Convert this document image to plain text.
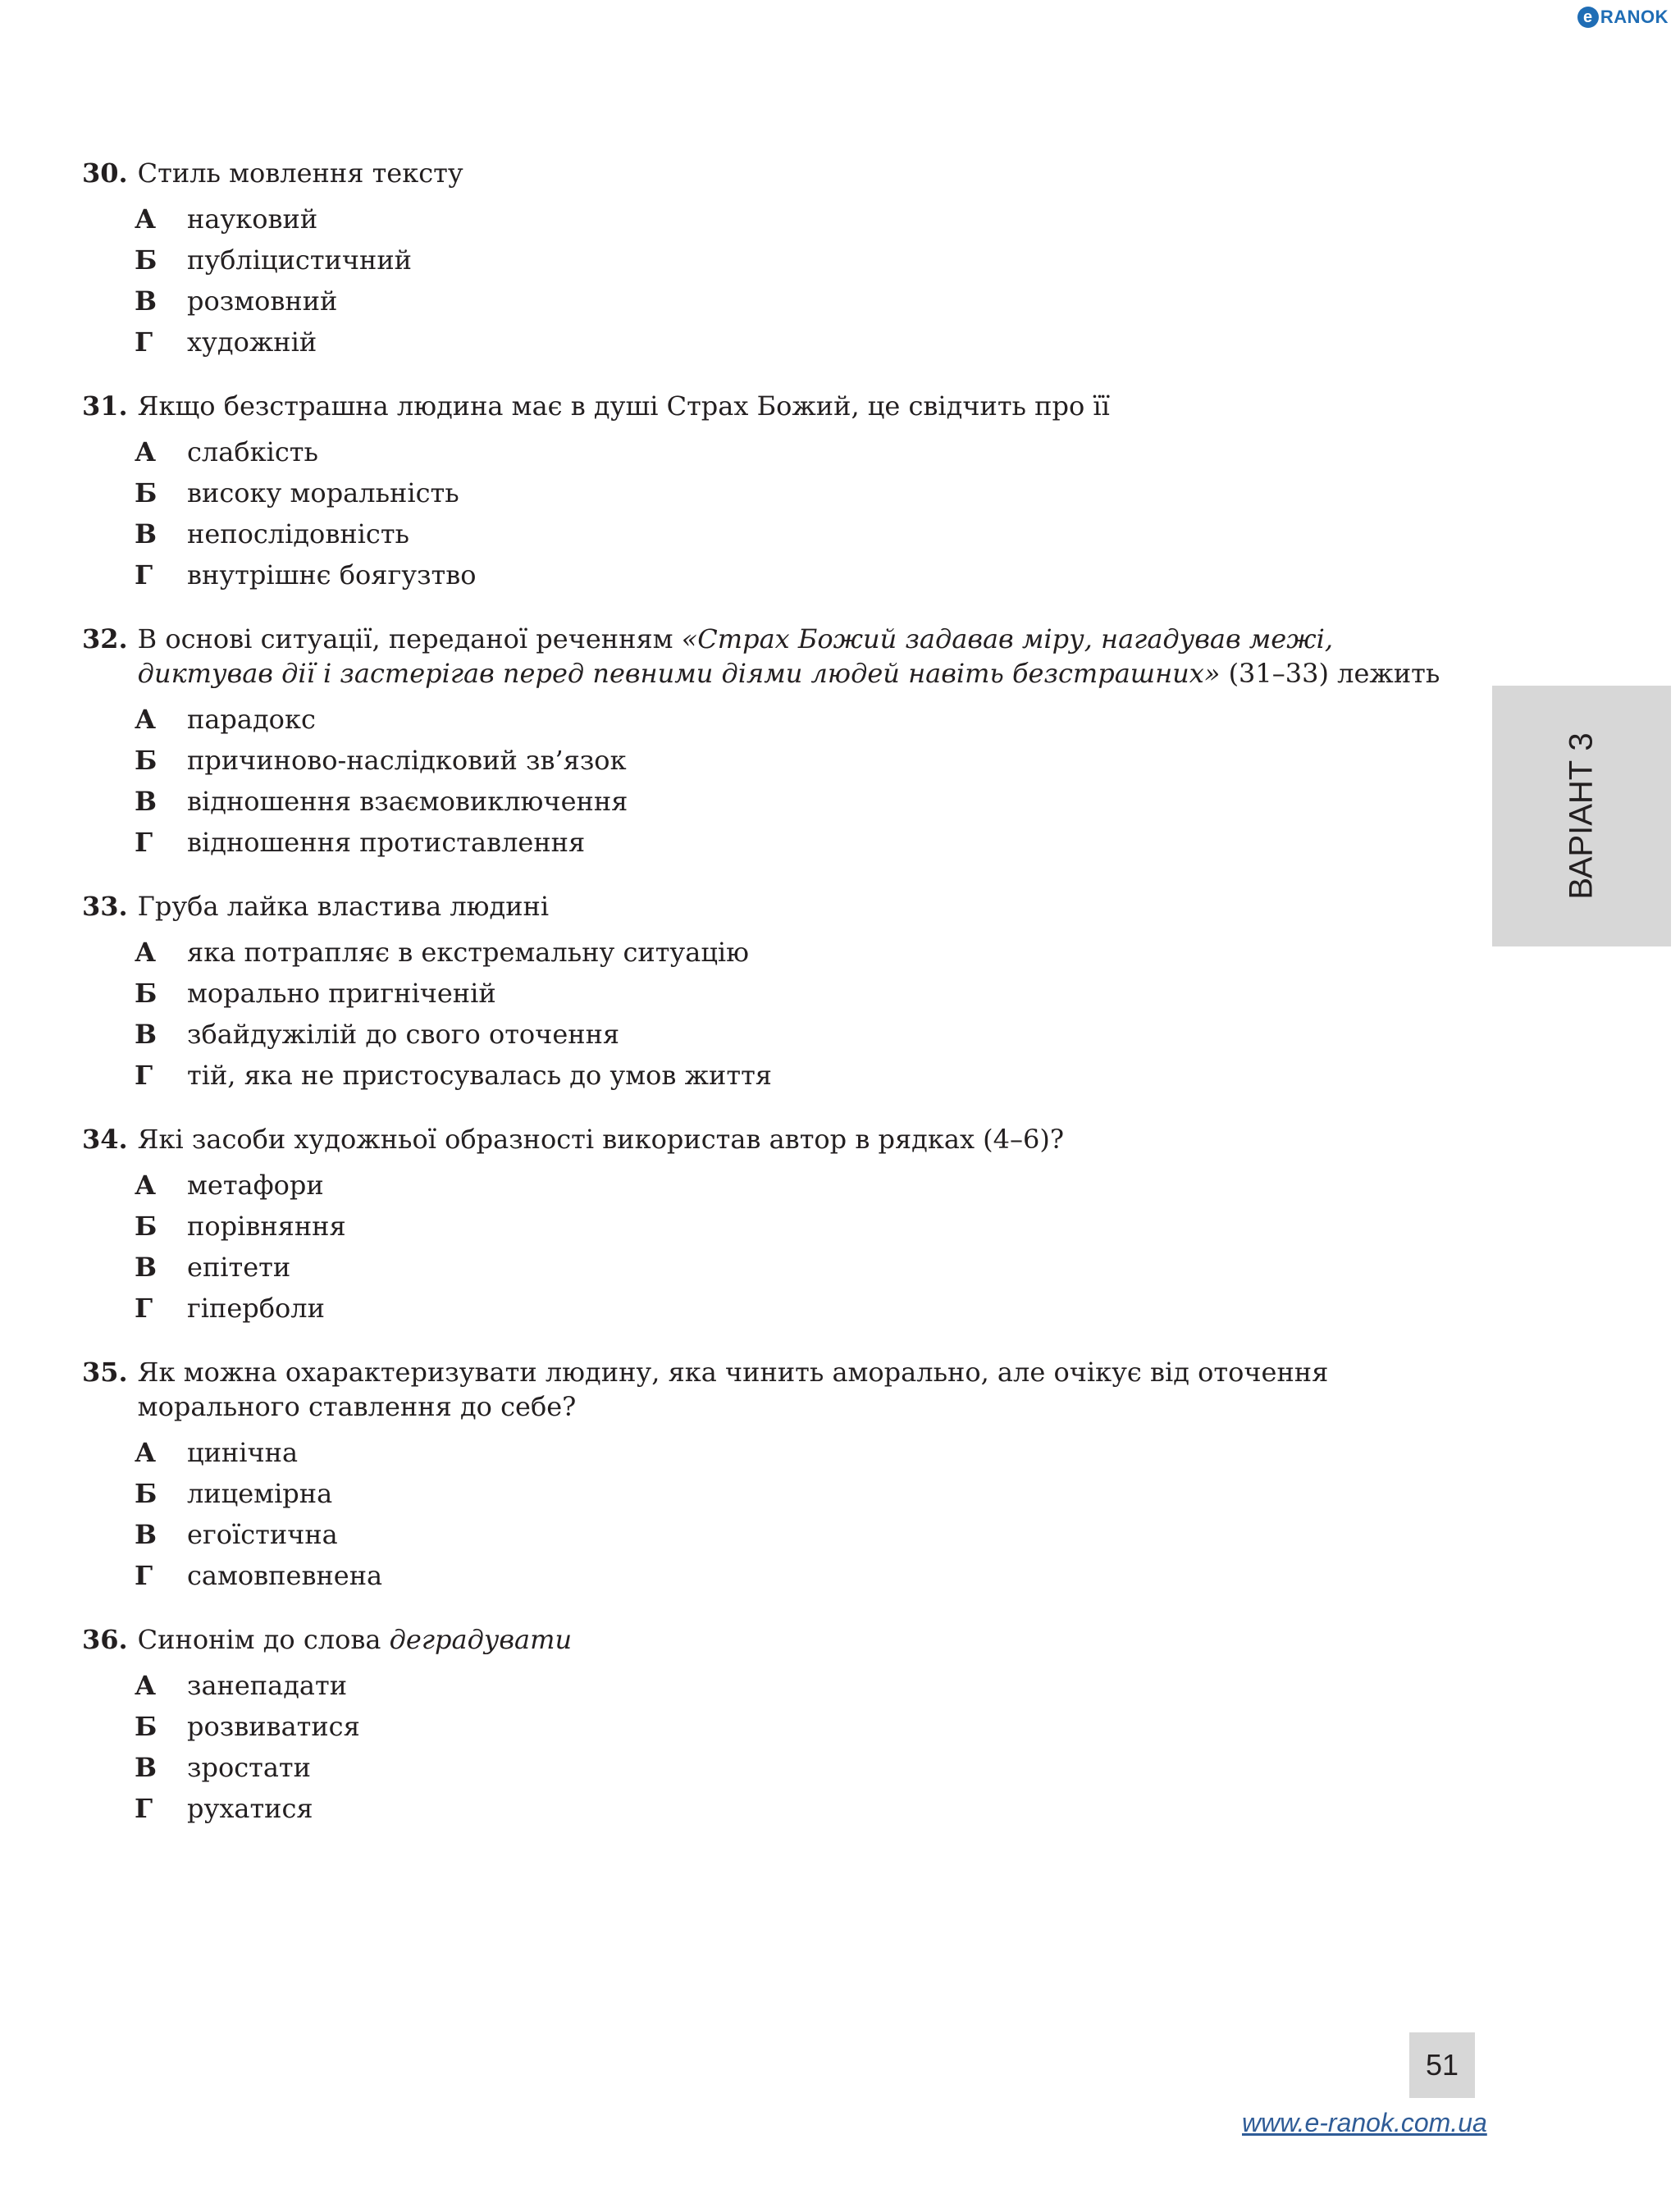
e RANOK
30. Стиль мовлення тексту
А	науковий
Б	публіцистичний
В	розмовний
Г	художній
31. Якщо безстрашна людина має в душі Страх Божий, це свідчить про її
А	слабкість
Б	високу моральність
В	непослідовність
Г	внутрішнє боягузтво
32. В основі ситуації, переданої реченням «Страх Божий задавав міру, нагадував межі, диктував дії і застерігав перед певними діями людей навіть безстрашних» (31–33) лежить
А	парадокс
Б	причиново-наслідковий зв’язок
В	відношення взаємовиключення
Г	відношення протиставлення
33. Груба лайка властива людині
А	яка потрапляє в екстремальну ситуацію
Б	морально пригніченій
В	збайдужілій до свого оточення
Г	тій, яка не пристосувалась до умов життя
34. Які засоби художньої образності використав автор в рядках (4–6)?
А	метафори
Б	порівняння
В	епітети
Г	гіперболи
35. Як можна охарактеризувати людину, яка чинить аморально, але очікує від оточення морального ставлення до себе?
А	цинічна
Б	лицемірна
В	егоїстична
Г	самовпевнена
36. Синонім до слова деградувати
А	занепадати
Б	розвиватися
В	зростати
Г	рухатися
ВАРІАНТ 3
51
www.e-ranok.com.ua
